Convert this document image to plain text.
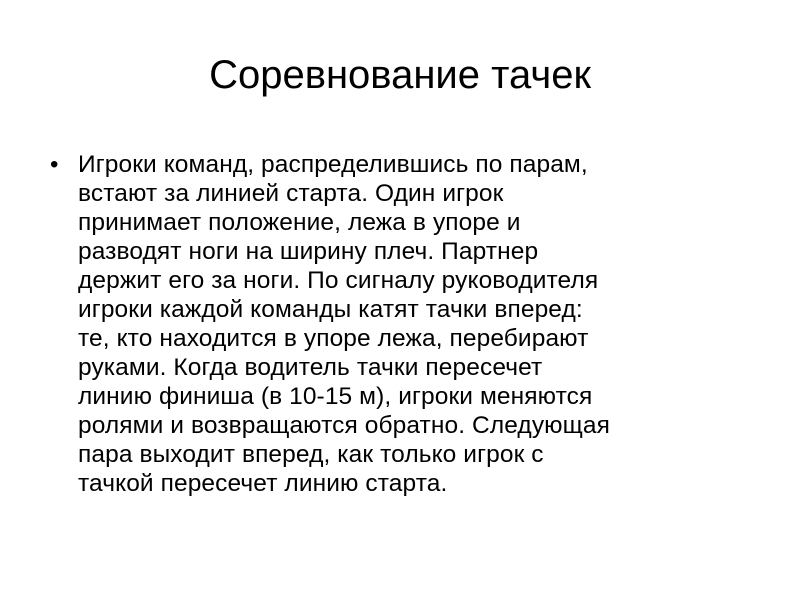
Соревнование тачек
• Игроки команд, распределившись по парам,
встают за линией старта. Один игрок
принимает положение, лежа в упоре и
разводят ноги на ширину плеч. Партнер
держит его за ноги. По сигналу руководителя
игроки каждой команды катят тачки вперед:
те, кто находится в упоре лежа, перебирают
руками. Когда водитель тачки пересечет
линию финиша (в 10-15 м), игроки меняются
ролями и возвращаются обратно. Следующая
пара выходит вперед, как только игрок с
тачкой пересечет линию старта.
